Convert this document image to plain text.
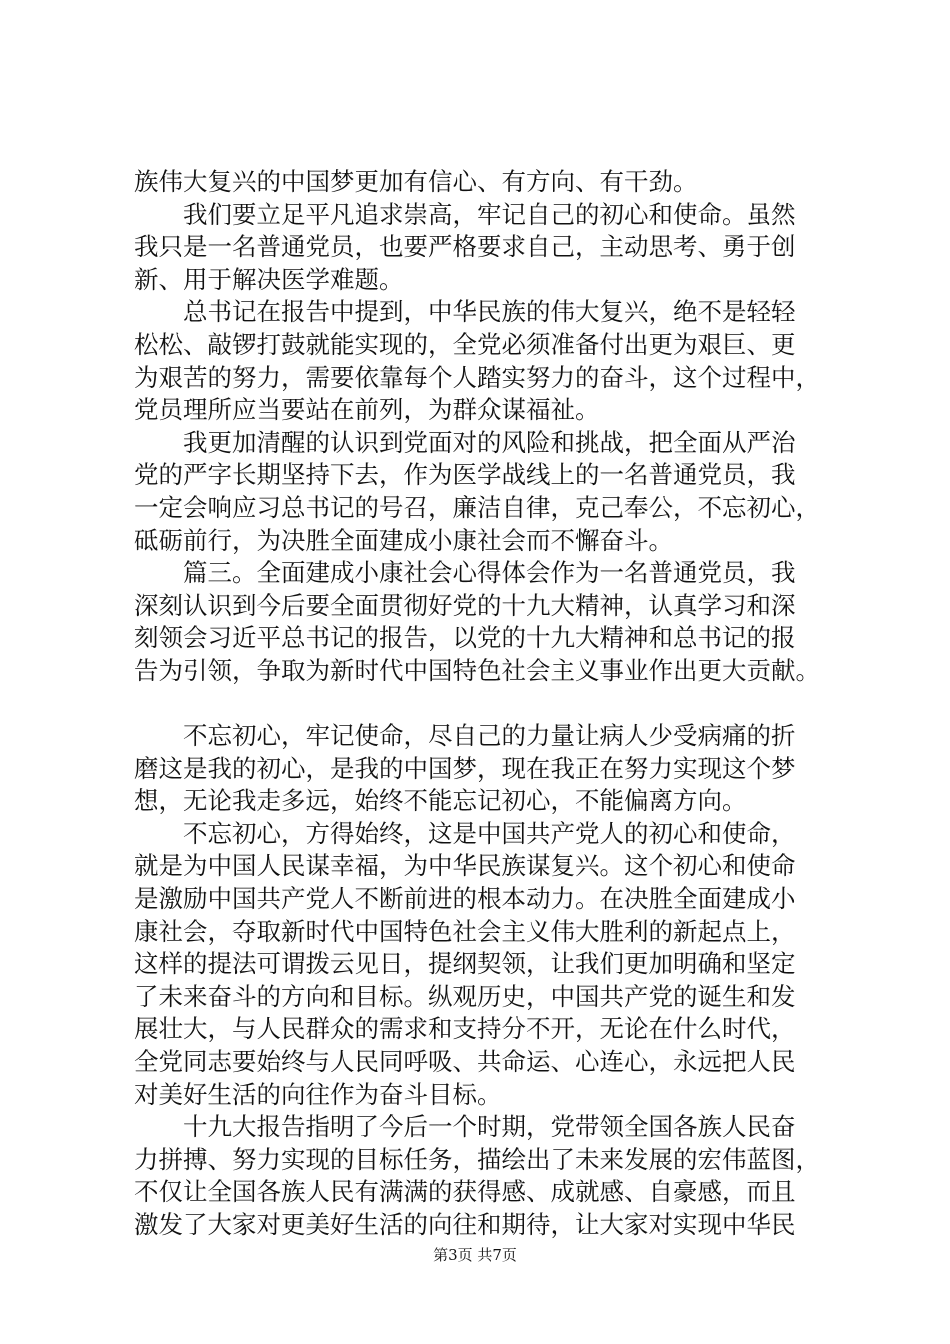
族伟大复兴的中国梦更加有信心、有方向、有干劲。
我们要立足平凡追求崇高，牢记自己的初心和使命。虽然
我只是一名普通党员，也要严格要求自己，主动思考、勇于创
新、用于解决医学难题。
总书记在报告中提到，中华民族的伟大复兴，绝不是轻轻
松松、敲锣打鼓就能实现的，全党必须准备付出更为艰巨、更
为艰苦的努力，需要依靠每个人踏实努力的奋斗，这个过程中，
党员理所应当要站在前列，为群众谋福祉。
我更加清醒的认识到党面对的风险和挑战，把全面从严治
党的严字长期坚持下去，作为医学战线上的一名普通党员，我
一定会响应习总书记的号召，廉洁自律，克己奉公，不忘初心，
砥砺前行，为决胜全面建成小康社会而不懈奋斗。
篇三。全面建成小康社会心得体会作为一名普通党员，我
深刻认识到今后要全面贯彻好党的十九大精神，认真学习和深
刻领会习近平总书记的报告，以党的十九大精神和总书记的报
告为引领，争取为新时代中国特色社会主义事业作出更大贡献。
不忘初心，牢记使命，尽自己的力量让病人少受病痛的折
磨这是我的初心，是我的中国梦，现在我正在努力实现这个梦
想，无论我走多远，始终不能忘记初心，不能偏离方向。
不忘初心，方得始终，这是中国共产党人的初心和使命，
就是为中国人民谋幸福，为中华民族谋复兴。这个初心和使命
是激励中国共产党人不断前进的根本动力。在决胜全面建成小
康社会，夺取新时代中国特色社会主义伟大胜利的新起点上，
这样的提法可谓拨云见日，提纲契领，让我们更加明确和坚定
了未来奋斗的方向和目标。纵观历史，中国共产党的诞生和发
展壮大，与人民群众的需求和支持分不开，无论在什么时代，
全党同志要始终与人民同呼吸、共命运、心连心，永远把人民
对美好生活的向往作为奋斗目标。
十九大报告指明了今后一个时期，党带领全国各族人民奋
力拼搏、努力实现的目标任务，描绘出了未来发展的宏伟蓝图，
不仅让全国各族人民有满满的获得感、成就感、自豪感，而且
激发了大家对更美好生活的向往和期待，让大家对实现中华民
第3页 共7页
